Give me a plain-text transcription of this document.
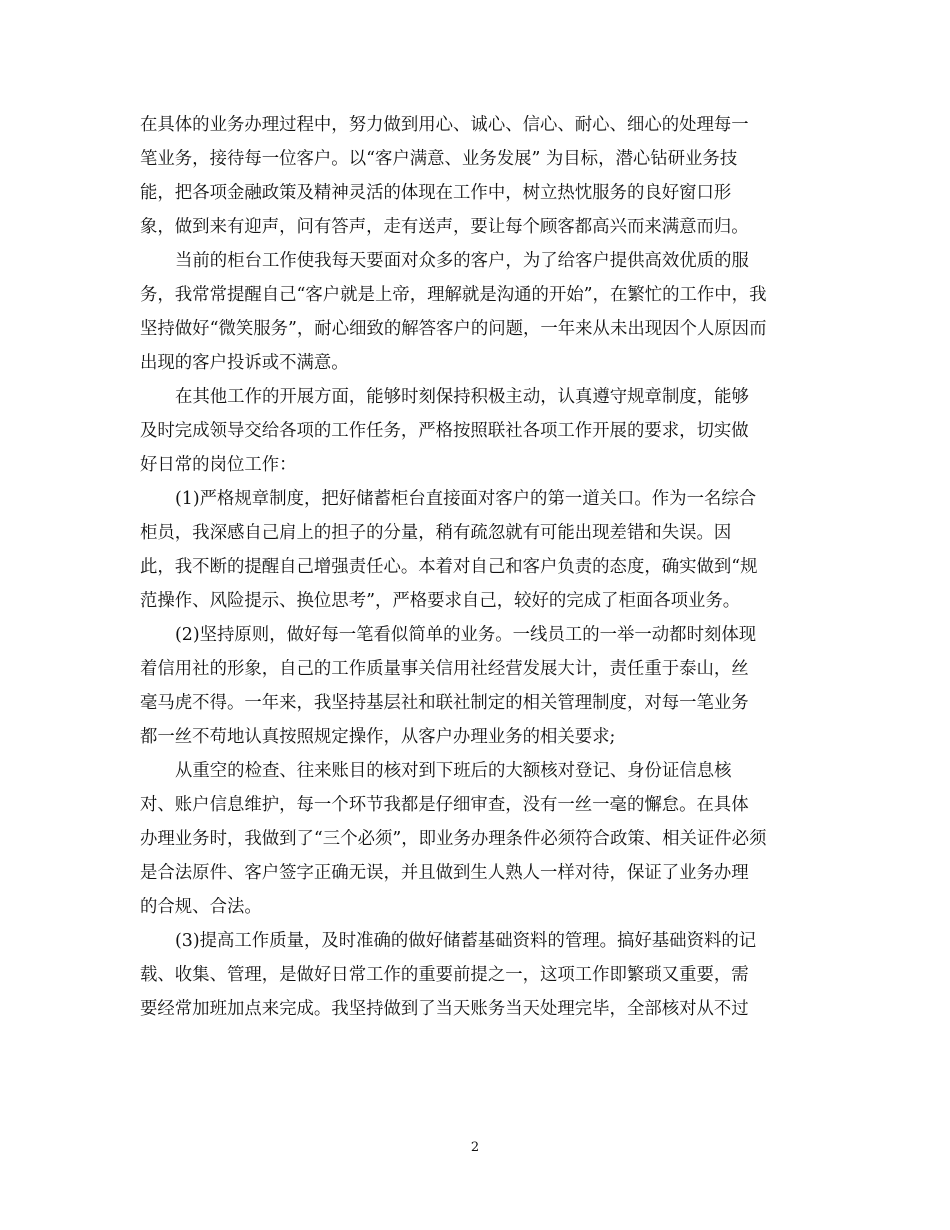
在具体的业务办理过程中，努力做到用心、诚心、信心、耐心、细心的处理每一
笔业务，接待每一位客户。以“客户满意、业务发展” 为目标，潜心钻研业务技
能，把各项金融政策及精神灵活的体现在工作中，树立热忱服务的良好窗口形
象，做到来有迎声，问有答声，走有送声，要让每个顾客都高兴而来满意而归。
当前的柜台工作使我每天要面对众多的客户，为了给客户提供高效优质的服
务，我常常提醒自己“客户就是上帝，理解就是沟通的开始”，在繁忙的工作中，我
坚持做好“微笑服务”，耐心细致的解答客户的问题，一年来从未出现因个人原因而
出现的客户投诉或不满意。
在其他工作的开展方面，能够时刻保持积极主动，认真遵守规章制度，能够
及时完成领导交给各项的工作任务，严格按照联社各项工作开展的要求，切实做
好日常的岗位工作：
(1)严格规章制度，把好储蓄柜台直接面对客户的第一道关口。作为一名综合
柜员，我深感自己肩上的担子的分量，稍有疏忽就有可能出现差错和失误。因
此，我不断的提醒自己增强责任心。本着对自己和客户负责的态度，确实做到“规
范操作、风险提示、换位思考”，严格要求自己，较好的完成了柜面各项业务。
(2)坚持原则，做好每一笔看似简单的业务。一线员工的一举一动都时刻体现
着信用社的形象，自己的工作质量事关信用社经营发展大计，责任重于泰山，丝
毫马虎不得。一年来，我坚持基层社和联社制定的相关管理制度，对每一笔业务
都一丝不苟地认真按照规定操作，从客户办理业务的相关要求;
从重空的检查、往来账目的核对到下班后的大额核对登记、身份证信息核
对、账户信息维护，每一个环节我都是仔细审查，没有一丝一毫的懈怠。在具体
办理业务时，我做到了“三个必须”，即业务办理条件必须符合政策、相关证件必须
是合法原件、客户签字正确无误，并且做到生人熟人一样对待，保证了业务办理
的合规、合法。
(3)提高工作质量，及时准确的做好储蓄基础资料的管理。搞好基础资料的记
载、收集、管理，是做好日常工作的重要前提之一，这项工作即繁琐又重要，需
要经常加班加点来完成。我坚持做到了当天账务当天处理完毕，全部核对从不过
2
